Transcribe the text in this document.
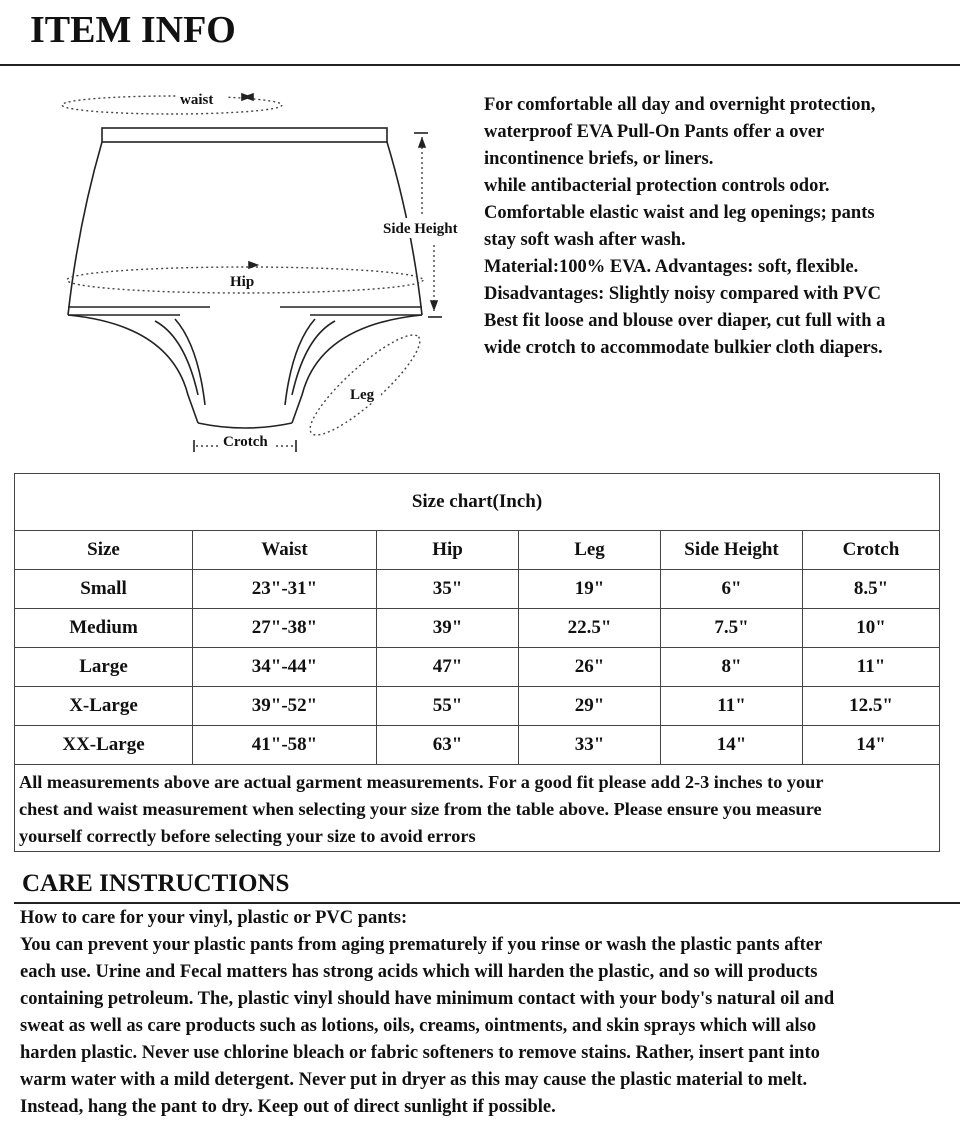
ITEM INFO
waist
Hip
Side Height
Leg
Crotch
For comfortable all day and overnight protection,
waterproof EVA Pull-On Pants offer a over
incontinence briefs, or liners.
while antibacterial protection controls odor.
Comfortable elastic waist and leg openings; pants
stay soft wash after wash.
Material:100% EVA. Advantages: soft, flexible.
Disadvantages: Slightly noisy compared with PVC
Best fit loose and blouse over diaper, cut full with a
wide crotch to accommodate bulkier cloth diapers.
Size chart(Inch)					
Size	Waist	Hip	Leg	Side Height	Crotch
Small	23"-31"	35"	19"	6"	8.5"
Medium	27"-38"	39"	22.5"	7.5"	10"
Large	34"-44"	47"	26"	8"	11"
X-Large	39"-52"	55"	29"	11"	12.5"
XX-Large	41"-58"	63"	33"	14"	14"

All measurements above are actual garment measurements. For a good fit please add 2-3 inches to your
chest and waist measurement when selecting your size from the table above. Please ensure you measure
yourself correctly before selecting your size to avoid errors					
CARE INSTRUCTIONS
How to care for your vinyl, plastic or PVC pants:
You can prevent your plastic pants from aging prematurely if you rinse or wash the plastic pants after
each use. Urine and Fecal matters has strong acids which will harden the plastic, and so will products
containing petroleum. The, plastic vinyl should have minimum contact with your body's natural oil and
sweat as well as care products such as lotions, oils, creams, ointments, and skin sprays which will also
harden plastic. Never use chlorine bleach or fabric softeners to remove stains. Rather, insert pant into
warm water with a mild detergent. Never put in dryer as this may cause the plastic material to melt.
Instead, hang the pant to dry. Keep out of direct sunlight if possible.
